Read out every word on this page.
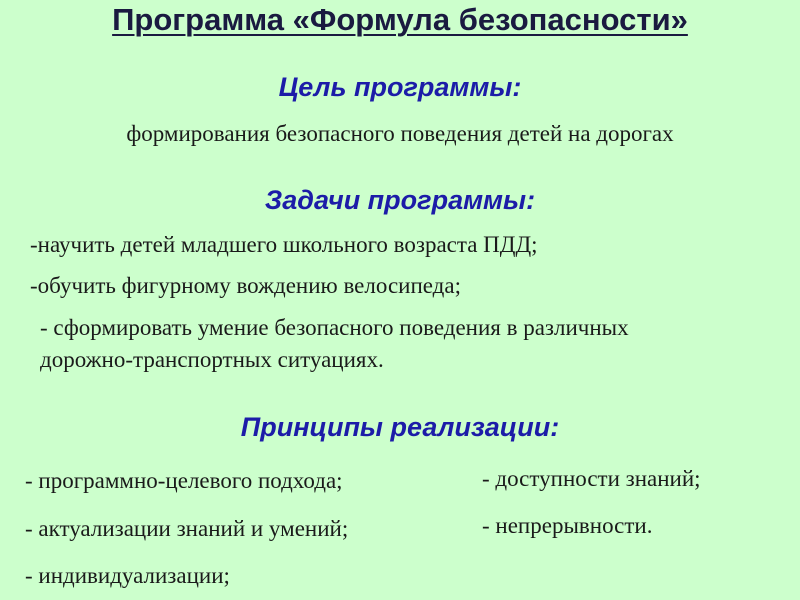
Программа «Формула безопасности»
Цель программы:
формирования безопасного поведения детей на дорогах
Задачи программы:
-научить детей младшего школьного возраста ПДД;
-обучить фигурному вождению велосипеда;
- сформировать умение безопасного поведения в различных
дорожно-транспортных ситуациях.
Принципы реализации:
- программно-целевого подхода;
- актуализации знаний и умений;
- индивидуализации;
- доступности знаний;
- непрерывности.
